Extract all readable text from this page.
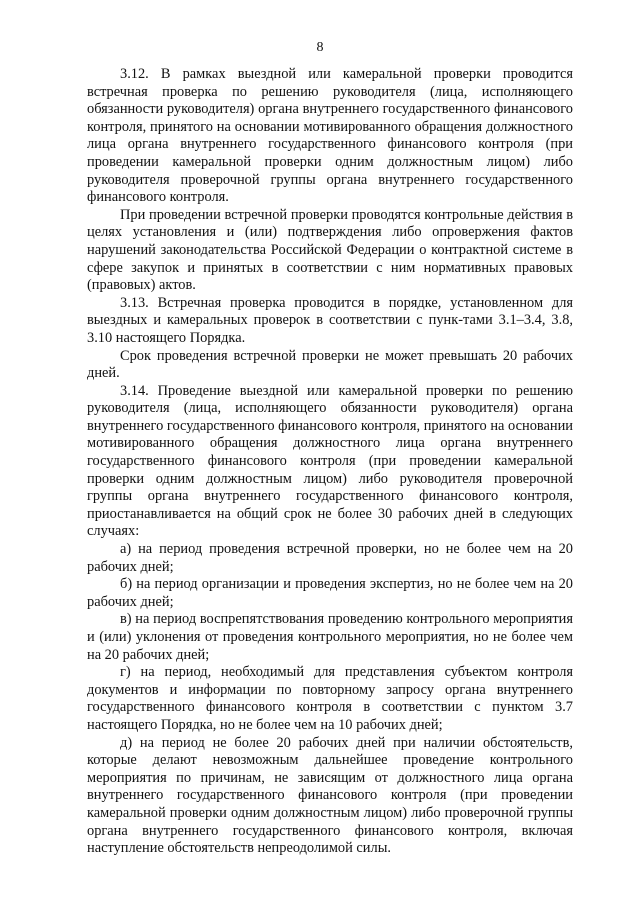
8

3.12. В рамках выездной или камеральной проверки проводится встречная проверка по решению руководителя (лица, исполняющего обязанности руководителя) органа внутреннего государственного финансового контроля, принятого на основании мотивированного обращения должностного лица органа внутреннего государственного финансового контроля (при проведении камеральной проверки одним должностным лицом) либо руководителя проверочной группы органа внутреннего государственного финансового контроля.

При проведении встречной проверки проводятся контрольные действия в целях установления и (или) подтверждения либо опровержения фактов нарушений законодательства Российской Федерации о контрактной системе в сфере закупок и принятых в соответствии с ним нормативных правовых (правовых) актов.

3.13. Встречная проверка проводится в порядке, установленном для выездных и камеральных проверок в соответствии с пунк-тами 3.1–3.4, 3.8, 3.10 настоящего Порядка.

Срок проведения встречной проверки не может превышать 20 рабочих дней.

3.14. Проведение выездной или камеральной проверки по решению руководителя (лица, исполняющего обязанности руководителя) органа внутреннего государственного финансового контроля, принятого на основании мотивированного обращения должностного лица органа внутреннего государственного финансового контроля (при проведении камеральной проверки одним должностным лицом) либо руководителя проверочной группы органа внутреннего государственного финансового контроля, приостанавливается на общий срок не более 30 рабочих дней в следующих случаях:

а) на период проведения встречной проверки, но не более чем на 20 рабочих дней;

б) на период организации и проведения экспертиз, но не более чем на 20 рабочих дней;

в) на период воспрепятствования проведению контрольного мероприятия и (или) уклонения от проведения контрольного мероприятия, но не более чем на 20 рабочих дней;

г) на период, необходимый для представления субъектом контроля документов и информации по повторному запросу органа внутреннего государственного финансового контроля в соответствии с пунктом 3.7 настоящего Порядка, но не более чем на 10 рабочих дней;

д) на период не более 20 рабочих дней при наличии обстоятельств, которые делают невозможным дальнейшее проведение контрольного мероприятия по причинам, не зависящим от должностного лица органа внутреннего государственного финансового контроля (при проведении камеральной проверки одним должностным лицом) либо проверочной группы органа внутреннего государственного финансового контроля, включая наступление обстоятельств непреодолимой силы.
